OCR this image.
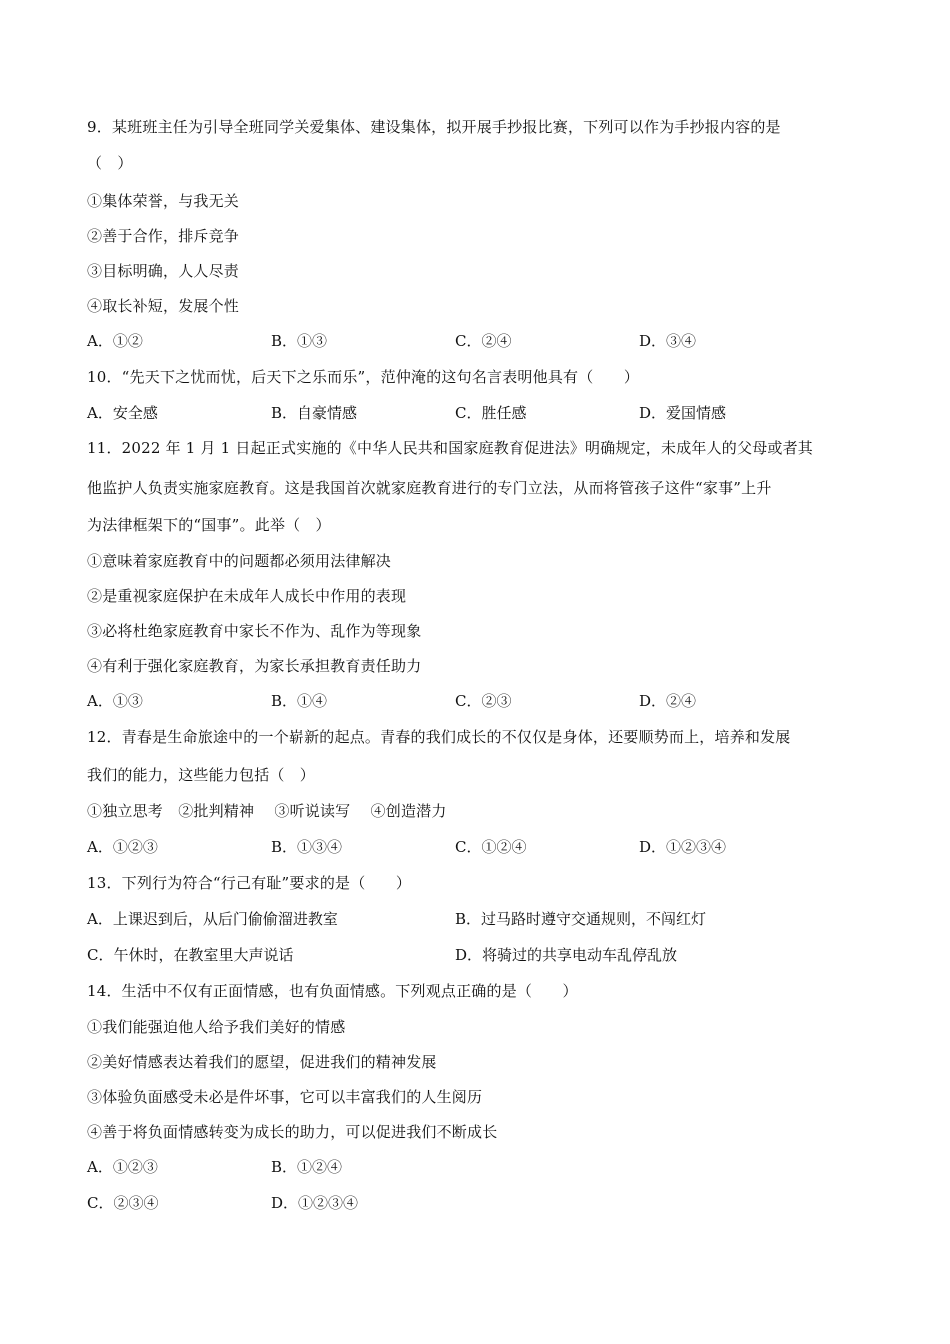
9．某班班主任为引导全班同学关爱集体、建设集体，拟开展手抄报比赛，下列可以作为手抄报内容的是
（　）
①集体荣誉，与我无关
②善于合作，排斥竞争
③目标明确，人人尽责
④取长补短，发展个性
A．①②	B．①③	C．②④	D．③④
10．“先天下之忧而忧，后天下之乐而乐”，范仲淹的这句名言表明他具有（　　）
A．安全感	B．自豪情感	C．胜任感	D．爱国情感
11．2022 年 1 月 1 日起正式实施的《中华人民共和国家庭教育促进法》明确规定，未成年人的父母或者其
他监护人负责实施家庭教育。这是我国首次就家庭教育进行的专门立法，从而将管孩子这件“家事”上升
为法律框架下的“国事”。此举（　）
①意味着家庭教育中的问题都必须用法律解决
②是重视家庭保护在未成年人成长中作用的表现
③必将杜绝家庭教育中家长不作为、乱作为等现象
④有利于强化家庭教育，为家长承担教育责任助力
A．①③	B．①④	C．②③	D．②④
12．青春是生命旅途中的一个崭新的起点。青春的我们成长的不仅仅是身体，还要顺势而上，培养和发展
我们的能力，这些能力包括（　）
①独立思考　②批判精神　 ③听说读写　 ④创造潜力
A．①②③	B．①③④	C．①②④	D．①②③④
13．下列行为符合“行己有耻”要求的是（　　）
A．上课迟到后，从后门偷偷溜进教室	B．过马路时遵守交通规则，不闯红灯
C．午休时，在教室里大声说话	D．将骑过的共享电动车乱停乱放
14．生活中不仅有正面情感，也有负面情感。下列观点正确的是（　　）
①我们能强迫他人给予我们美好的情感
②美好情感表达着我们的愿望，促进我们的精神发展
③体验负面感受未必是件坏事，它可以丰富我们的人生阅历
④善于将负面情感转变为成长的助力，可以促进我们不断成长
A．①②③	B．①②④
C．②③④	D．①②③④
